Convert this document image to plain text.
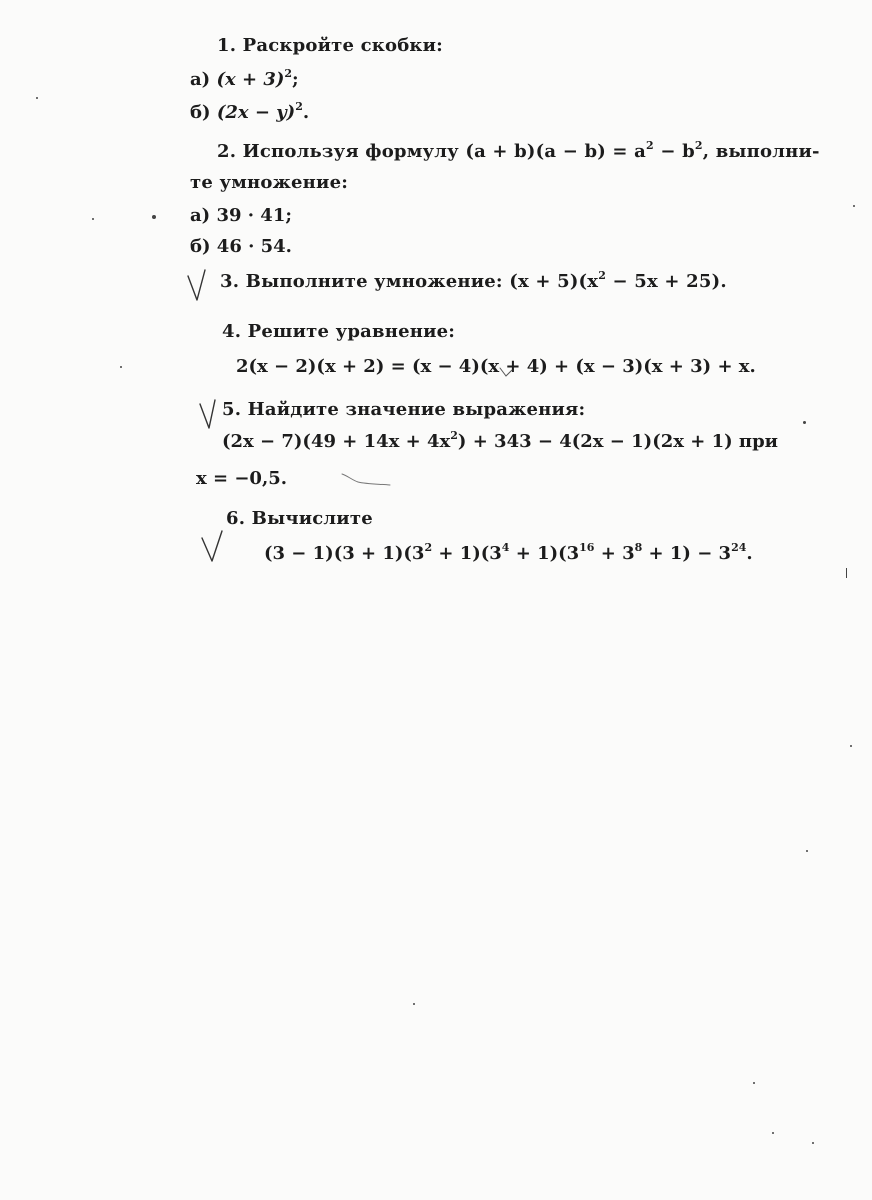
1. Раскройте скобки:
а) $(x + 3)^2$;
б) $(2x - y)^2$.
2. Используя формулу $(a + b)(a - b) = a^2 - b^2$, выполни-
те умножение:
а) 39 · 41;
б) 46 · 54.
3. Выполните умножение: $(x + 5)(x^2 - 5x + 25)$.
4. Решите уравнение:
2(x − 2)(x + 2) = (x − 4)(x + 4) + (x − 3)(x + 3) + x.
5. Найдите значение выражения:
$(2x - 7)(49 + 14x + 4x^2) + 343 - 4(2x - 1)(2x + 1)$ при
x = −0,5.
6. Вычислите
$(3 - 1)(3 + 1)(3^2 + 1)(3^4 + 1)(3^{16} + 3^8 + 1) - 3^{24}$.
